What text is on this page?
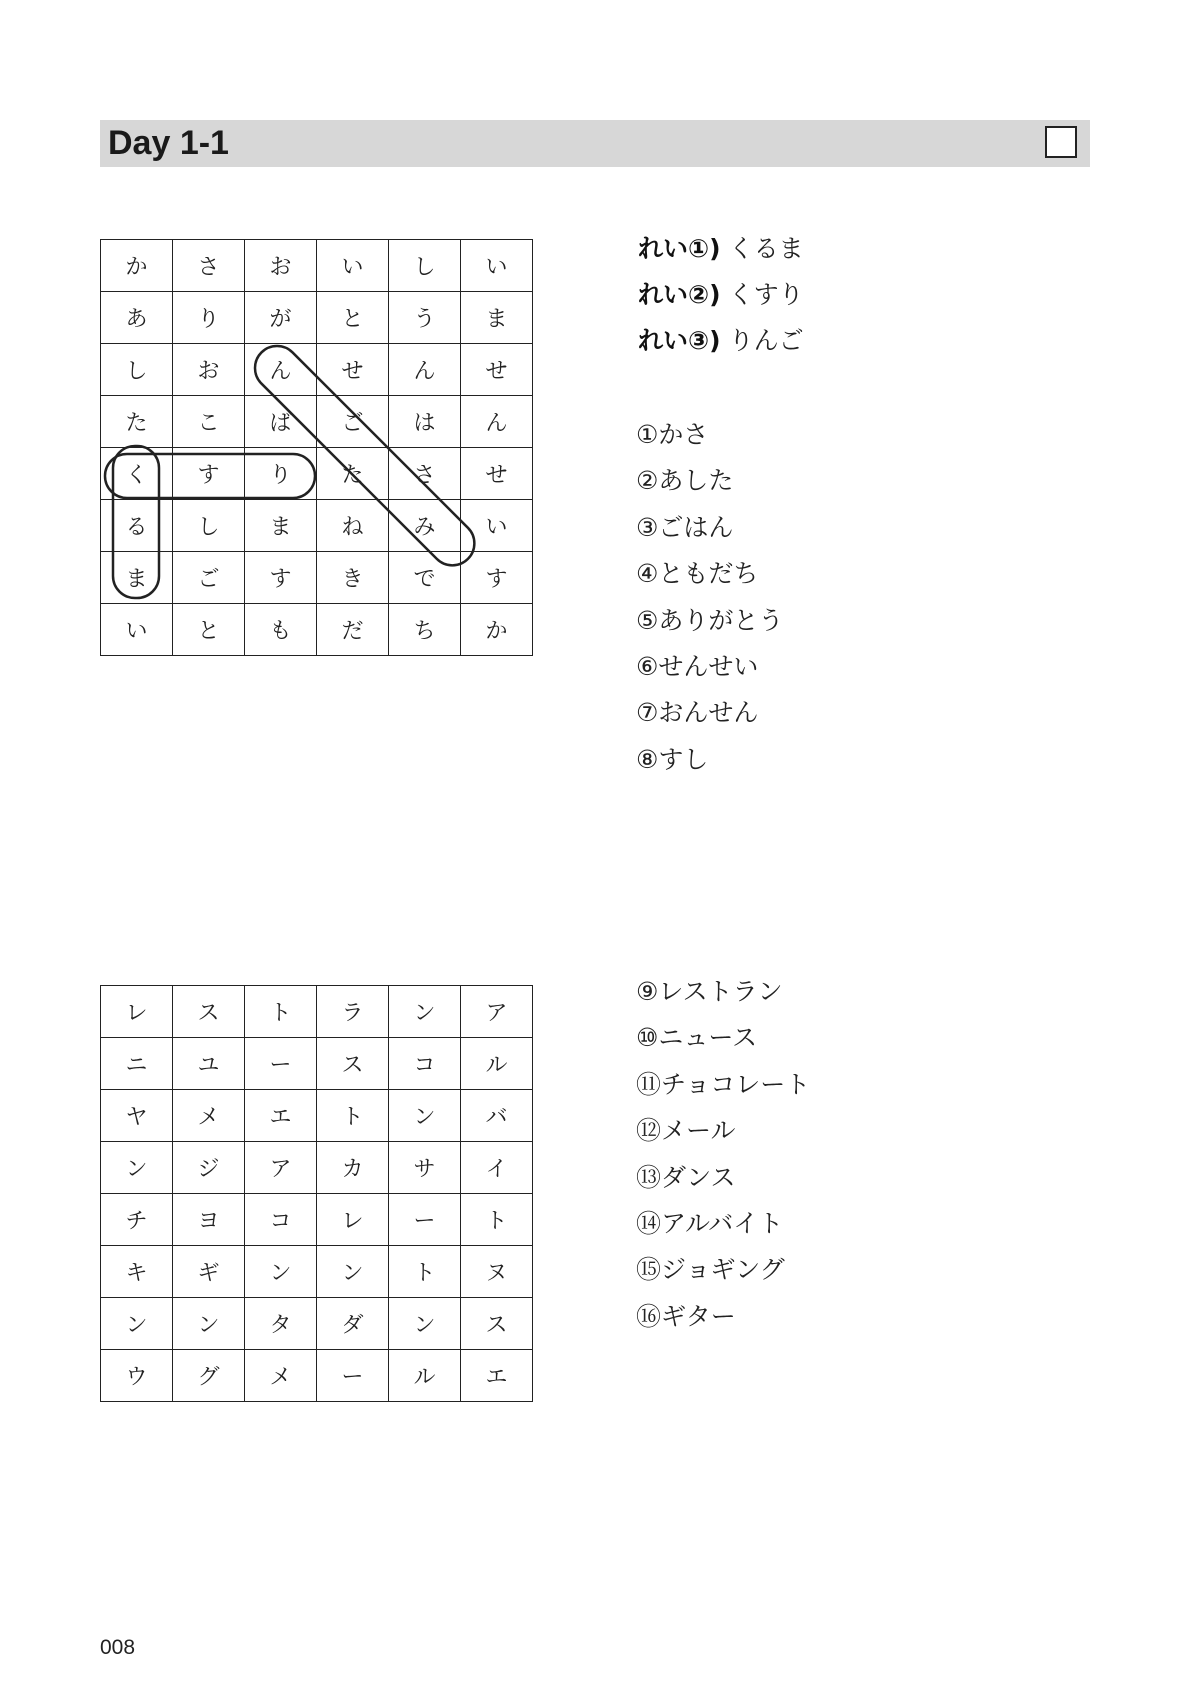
Day 1-1
か	さ	お	い	し	い
あ	り	が	と	う	ま
し	お	ん	せ	ん	せ
た	こ	ば	ご	は	ん
く	す	り	た	さ	せ
る	し	ま	ね	み	い
ま	ご	す	き	で	す
い	と	も	だ	ち	か
れい①) くるま
れい②) くすり
れい③) りんご
①かさ
②あした
③ごはん
④ともだち
⑤ありがとう
⑥せんせい
⑦おんせん
⑧すし
レ	ス	ト	ラ	ン	ア
ニ	ユ	ー	ス	コ	ル
ヤ	メ	エ	ト	ン	バ
ン	ジ	ア	カ	サ	イ
チ	ヨ	コ	レ	ー	ト
キ	ギ	ン	ン	ト	ヌ
ン	ン	タ	ダ	ン	ス
ウ	グ	メ	ー	ル	エ
⑨レストラン
⑩ニュース
⑪チョコレート
⑫メール
⑬ダンス
⑭アルバイト
⑮ジョギング
⑯ギター
008
